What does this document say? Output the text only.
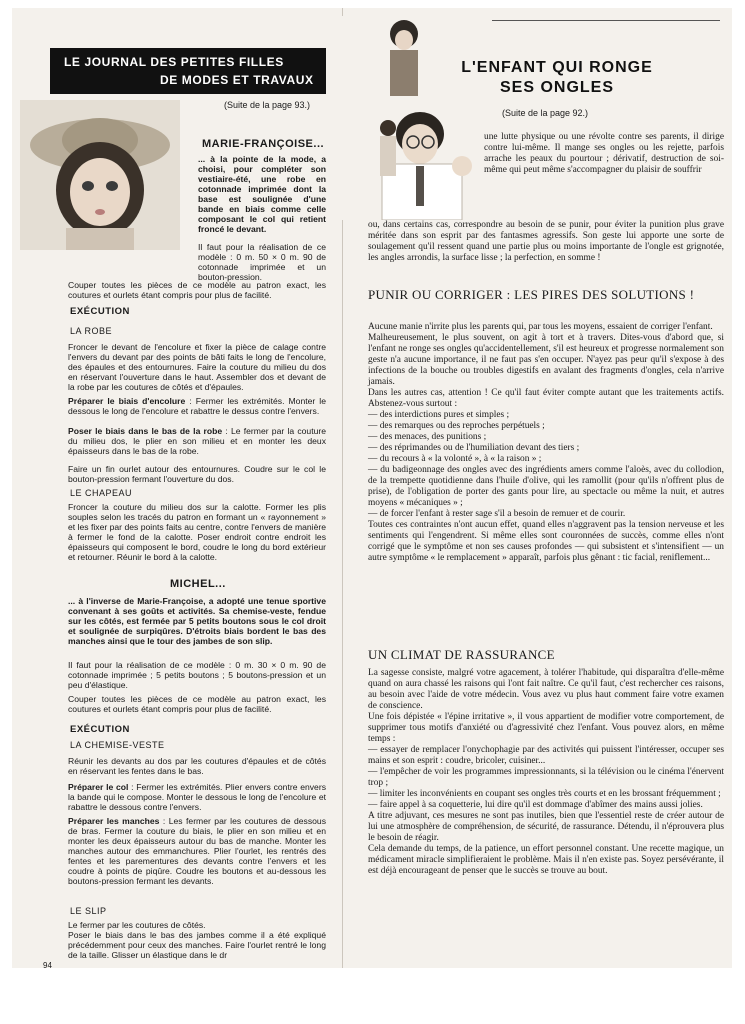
LE JOURNAL DES PETITES FILLES
DE MODES ET TRAVAUX
(Suite de la page 93.)
MARIE-FRANÇOISE...

... à la pointe de la mode, a choisi, pour compléter son vestiaire-été, une robe en cotonnade imprimée dont la base est soulignée d'une bande en biais comme celle composant le col qui retient froncé le devant.

Il faut pour la réalisation de ce modèle : 0 m. 50 × 0 m. 90 de cotonnade imprimée et un bouton-pression.

Couper toutes les pièces de ce modèle au patron exact, les coutures et ourlets étant compris pour plus de facilité.

EXÉCUTION
LA ROBE

Froncer le devant de l'encolure et fixer la pièce de calage contre l'envers du devant par des points de bâti faits le long de l'encolure, des épaules et des entournures. Faire la couture du milieu du dos en réservant l'ouverture dans le haut. Assembler dos et devant de la robe par les coutures de côtés et d'épaules.

Préparer le biais d'encolure : Fermer les extrémités. Monter le dessous le long de l'encolure et rabattre le dessus contre l'envers.

Poser le biais dans le bas de la robe : Le fermer par la couture du milieu dos, le plier en son milieu et en monter les deux épaisseurs dans le bas de la robe.

Faire un fin ourlet autour des entournures. Coudre sur le col le bouton-pression fermant l'ouverture du dos.

LE CHAPEAU

Froncer la couture du milieu dos sur la calotte. Former les plis souples selon les tracés du patron en formant un « rayonnement » et les fixer par des points faits au centre, contre l'envers de manière à fermer le fond de la calotte. Poser endroit contre endroit les épaisseurs qui composent le bord, coudre le long du bord extérieur et retourner. Réunir le bord à la calotte.

MICHEL...

... à l'inverse de Marie-Françoise, a adopté une tenue sportive convenant à ses goûts et activités. Sa chemise-veste, fendue sur les côtés, est fermée par 5 petits boutons sous le col droit et soulignée de surpiqûres. D'étroits biais bordent le bas des manches ainsi que le tour des jambes de son slip.

Il faut pour la réalisation de ce modèle : 0 m. 30 × 0 m. 90 de cotonnade imprimée ; 5 petits boutons ; 5 boutons-pression et un peu d'élastique.

Couper toutes les pièces de ce modèle au patron exact, les coutures et ourlets étant compris pour plus de facilité.

EXÉCUTION
LA CHEMISE-VESTE

Réunir les devants au dos par les coutures d'épaules et de côtés en réservant les fentes dans le bas.

Préparer le col : Fermer les extrémités. Plier envers contre envers la bande qui le compose. Monter le dessous le long de l'encolure et rabattre le dessous contre l'envers.

Préparer les manches : Les fermer par les coutures de dessous de bras. Fermer la couture du biais, le plier en son milieu et en monter les deux épaisseurs autour du bas de manche. Monter les manches autour des emmanchures. Plier l'ourlet, les rentrés des fentes et les parementures des devants contre l'envers et les coudre à points de piqûre. Coudre les boutons et au-dessous les boutons-pression fermant les devants.

LE SLIP

Le fermer par les coutures de côtés.

Poser le biais dans le bas des jambes comme il a été expliqué précédemment pour ceux des manches. Faire l'ourlet rentré le long de la taille. Glisser un élastique dans le dr

94
L'ENFANT QUI RONGE
SES ONGLES
(Suite de la page 92.)

une lutte physique ou une révolte contre ses parents, il dirige contre lui-même. Il mange ses ongles ou les rejette, parfois arrache les peaux du pourtour ; dérivatif, destruction de soi-même qui peut même s'accompagner du plaisir de souffrir

ou, dans certains cas, correspondre au besoin de se punir, pour éviter la punition plus grave méritée dans son esprit par des fantasmes agressifs. Son geste lui apporte une sorte de soulagement qu'il ressent quand une partie plus ou moins importante de l'ongle est grignotée, les angles arrondis, la surface lisse ; la perfection, en somme !

PUNIR OU CORRIGER : LES PIRES DES SOLUTIONS !

Aucune manie n'irrite plus les parents qui, par tous les moyens, essaient de corriger l'enfant.

Malheureusement, le plus souvent, on agit à tort et à travers. Dites-vous d'abord que, si l'enfant ne ronge ses ongles qu'accidentellement, s'il est heureux et progresse normalement son geste n'a aucune importance, il ne faut pas s'en occuper. N'ayez pas peur qu'il s'expose à des infections de la bouche ou troubles digestifs en avalant des fragments d'ongles, cela n'arrive jamais.

Dans les autres cas, attention ! Ce qu'il faut éviter compte autant que les traitements actifs. Abstenez-vous surtout :

— des interdictions pures et simples ;

— des remarques ou des reproches perpétuels ;

— des menaces, des punitions ;

— des réprimandes ou de l'humiliation devant des tiers ;

— du recours à « la volonté », à « la raison » ;

— du badigeonnage des ongles avec des ingrédients amers comme l'aloès, avec du collodion, de la trempette quotidienne dans l'huile d'olive, qui les ramollit (pour qu'ils n'offrent plus de prise), de l'obligation de porter des gants pour lire, au spectacle ou même la nuit, et autres moyens « mécaniques » ;

— de forcer l'enfant à rester sage s'il a besoin de remuer et de courir.

Toutes ces contraintes n'ont aucun effet, quand elles n'aggravent pas la tension nerveuse et les sentiments qui l'engendrent. Si même elles sont couronnées de succès, comme elles n'ont corrigé que le symptôme et non ses causes profondes — qui subsistent et s'intensifient — un autre symptôme « le remplacement » apparaît, parfois plus gênant : tic facial, reniflement...

UN CLIMAT DE RASSURANCE

La sagesse consiste, malgré votre agacement, à tolérer l'habitude, qui disparaîtra d'elle-même quand on aura chassé les raisons qui l'ont fait naître. Ce qu'il faut, c'est rechercher ces raisons, au besoin avec l'aide de votre médecin. Vous avez vu plus haut comment faire votre examen de conscience.

Une fois dépistée « l'épine irritative », il vous appartient de modifier votre comportement, de supprimer tous motifs d'anxiété ou d'agressivité chez l'enfant. Vous pouvez alors, en même temps :

— essayer de remplacer l'onychophagie par des activités qui puissent l'intéresser, occuper ses mains et son esprit : coudre, bricoler, cuisiner...

— l'empêcher de voir les programmes impressionnants, si la télévision ou le cinéma l'énervent trop ;

— limiter les inconvénients en coupant ses ongles très courts et en les brossant fréquemment ;

— faire appel à sa coquetterie, lui dire qu'il est dommage d'abîmer des mains aussi jolies.

A titre adjuvant, ces mesures ne sont pas inutiles, bien que l'essentiel reste de créer autour de lui une atmosphère de compréhension, de sécurité, de rassurance. Détendu, il n'éprouvera plus le besoin de réagir.

Cela demande du temps, de la patience, un effort personnel constant. Une recette magique, un médicament miracle simplifieraient le problème. Mais il n'en existe pas. Soyez persévérante, il est déjà encourageant de penser que le succès se trouve au bout.
